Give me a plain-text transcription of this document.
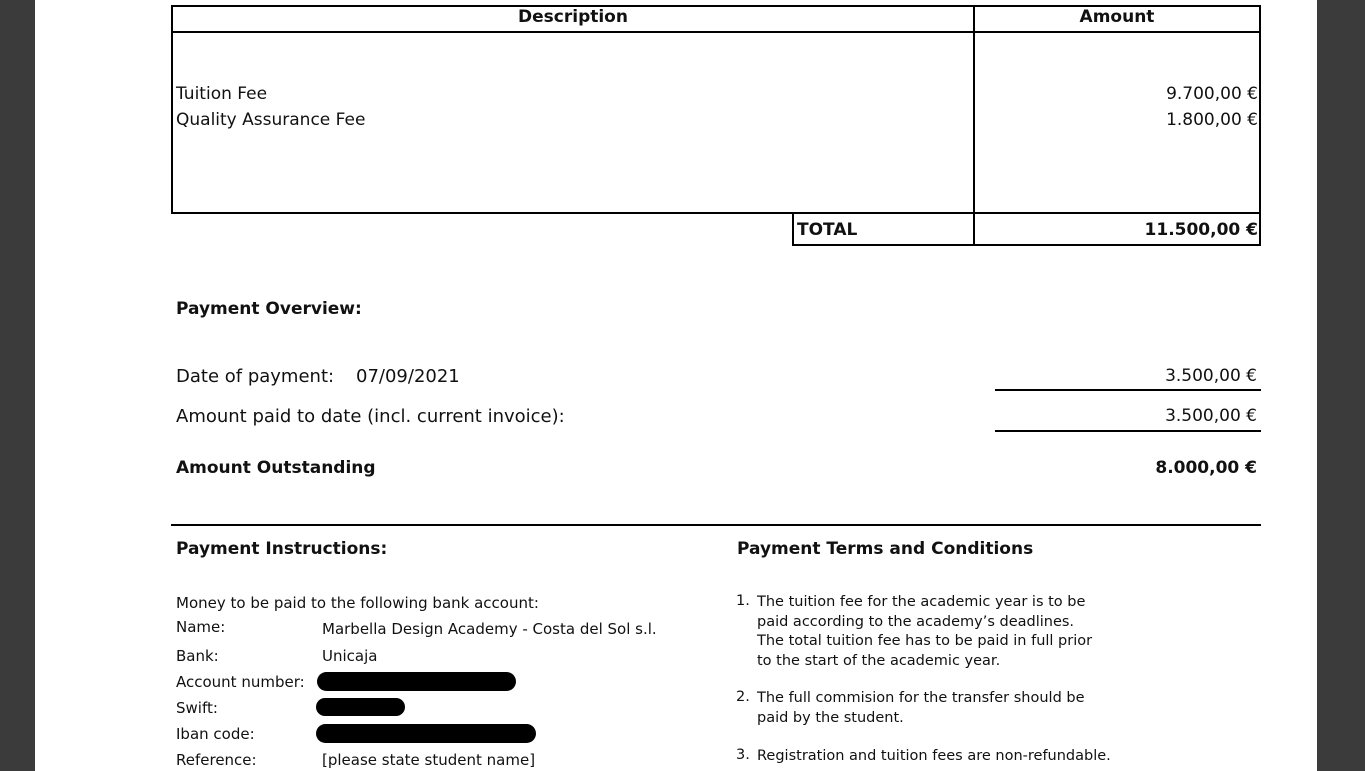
Description	Amount
Tuition Fee	9.700,00 €
Quality Assurance Fee	1.800,00 €
TOTAL	11.500,00 €
Payment Overview:
Date of payment: 07/09/2021	3.500,00 €
Amount paid to date (incl. current invoice):	3.500,00 €
Amount Outstanding	8.000,00 €
Payment Instructions:
Money to be paid to the following bank account:
Name:	Marbella Design Academy - Costa del Sol s.l.
Bank:	Unicaja
Account number:
Swift:
Iban code:
Reference:	[please state student name]
Payment Terms and Conditions
1. The tuition fee for the academic year is to be

paid according to the academy’s deadlines.

The total tuition fee has to be paid in full prior

to the start of the academic year.

2. The full commision for the transfer should be

paid by the student.

3. Registration and tuition fees are non-refundable.
